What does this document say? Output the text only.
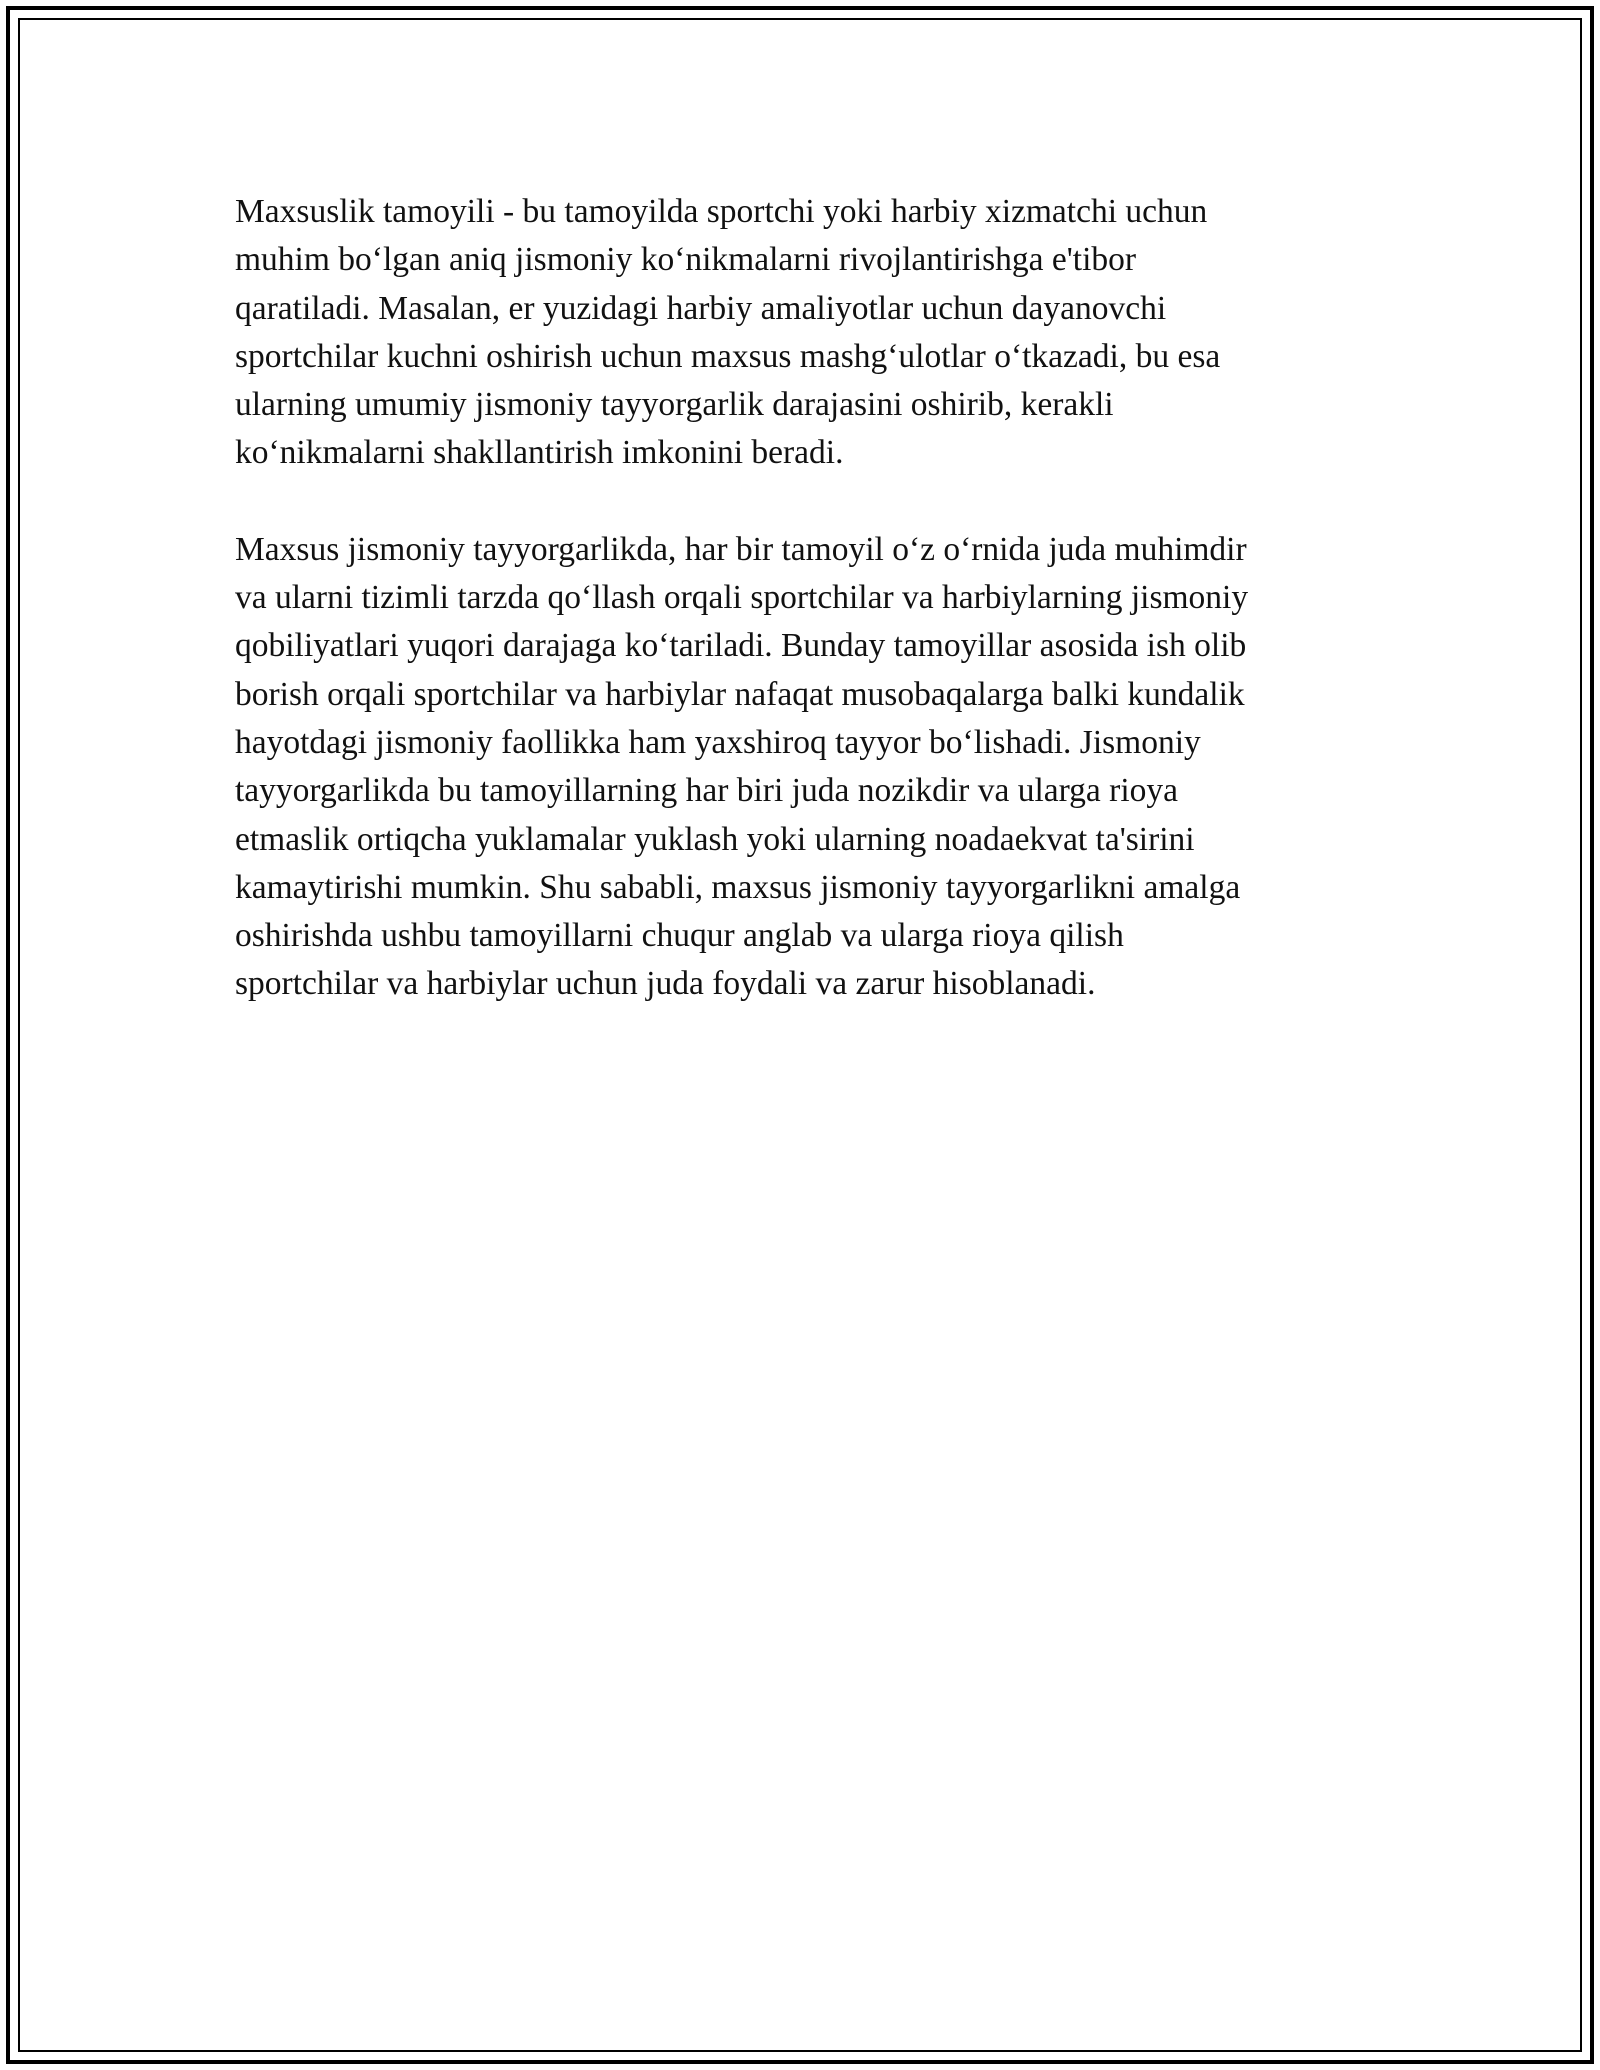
Maxsuslik tamoyili - bu tamoyilda sportchi yoki harbiy xizmatchi uchun
muhim bo‘lgan aniq jismoniy ko‘nikmalarni rivojlantirishga e'tibor
qaratiladi. Masalan, er yuzidagi harbiy amaliyotlar uchun dayanovchi
sportchilar kuchni oshirish uchun maxsus mashg‘ulotlar o‘tkazadi, bu esa
ularning umumiy jismoniy tayyorgarlik darajasini oshirib, kerakli
ko‘nikmalarni shakllantirish imkonini beradi.

Maxsus jismoniy tayyorgarlikda, har bir tamoyil o‘z o‘rnida juda muhimdir
va ularni tizimli tarzda qo‘llash orqali sportchilar va harbiylarning jismoniy
qobiliyatlari yuqori darajaga ko‘tariladi. Bunday tamoyillar asosida ish olib
borish orqali sportchilar va harbiylar nafaqat musobaqalarga balki kundalik
hayotdagi jismoniy faollikka ham yaxshiroq tayyor bo‘lishadi. Jismoniy
tayyorgarlikda bu tamoyillarning har biri juda nozikdir va ularga rioya
etmaslik ortiqcha yuklamalar yuklash yoki ularning noadaekvat ta'sirini
kamaytirishi mumkin. Shu sababli, maxsus jismoniy tayyorgarlikni amalga
oshirishda ushbu tamoyillarni chuqur anglab va ularga rioya qilish
sportchilar va harbiylar uchun juda foydali va zarur hisoblanadi.
